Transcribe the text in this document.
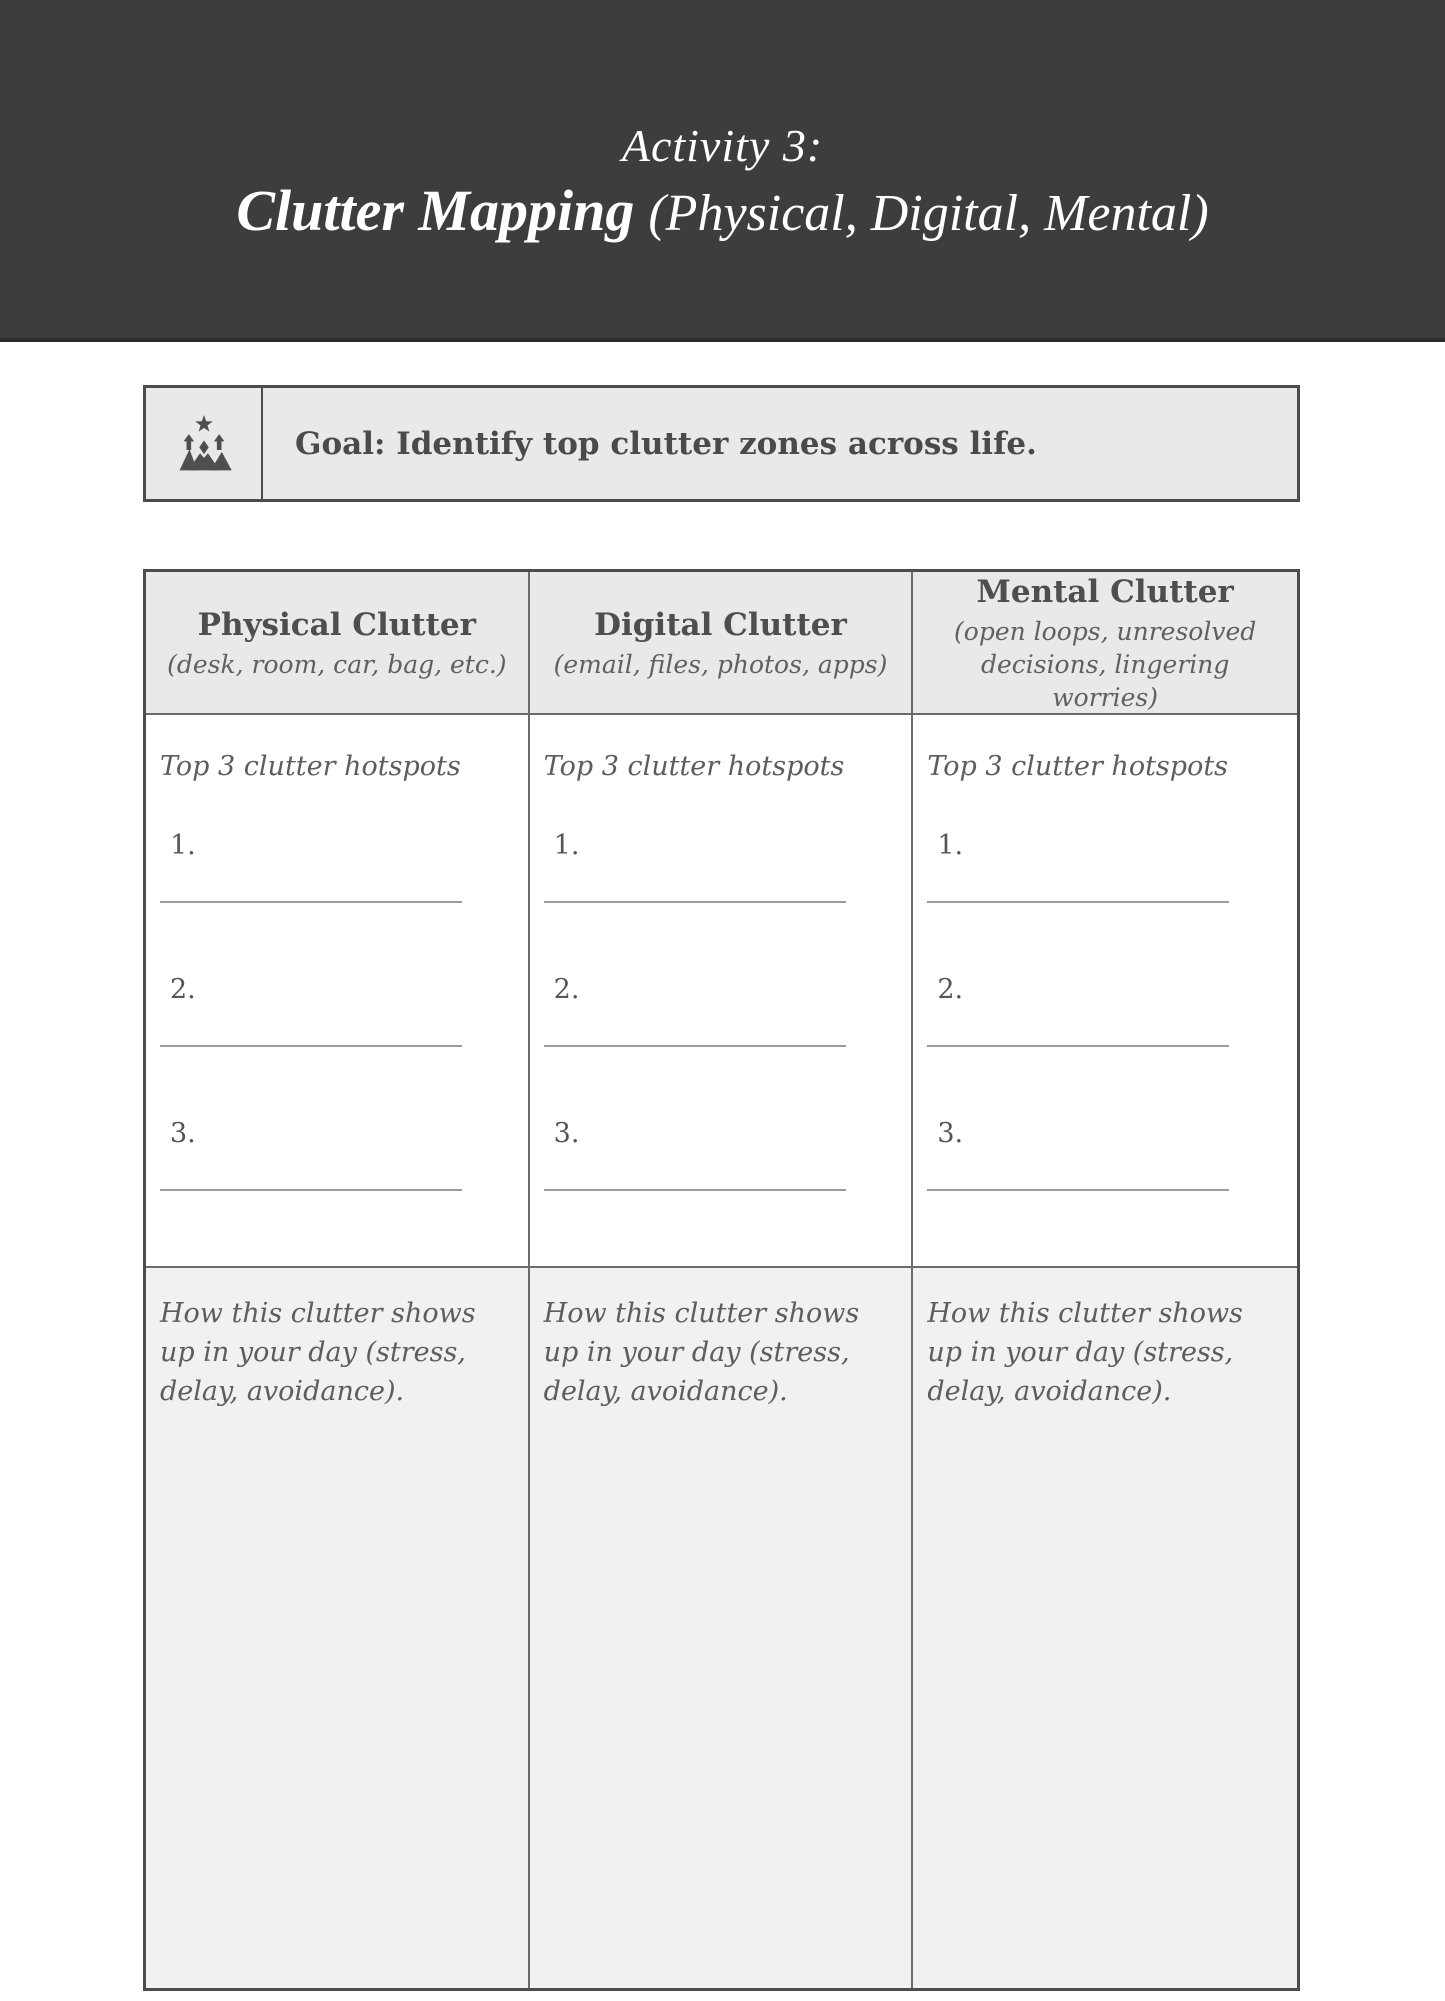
Activity 3:
Clutter Mapping (Physical, Digital, Mental)
Goal: Identify top clutter zones across life.
Physical Clutter
(desk, room, car, bag, etc.)
Digital Clutter
(email, files, photos, apps)
Mental Clutter
(open loops, unresolved decisions, lingering worries)
Top 3 clutter hotspots
1.
2.
3.
Top 3 clutter hotspots
1.
2.
3.
Top 3 clutter hotspots
1.
2.
3.
How this clutter shows up in your day (stress, delay, avoidance).
How this clutter shows up in your day (stress, delay, avoidance).
How this clutter shows up in your day (stress, delay, avoidance).
